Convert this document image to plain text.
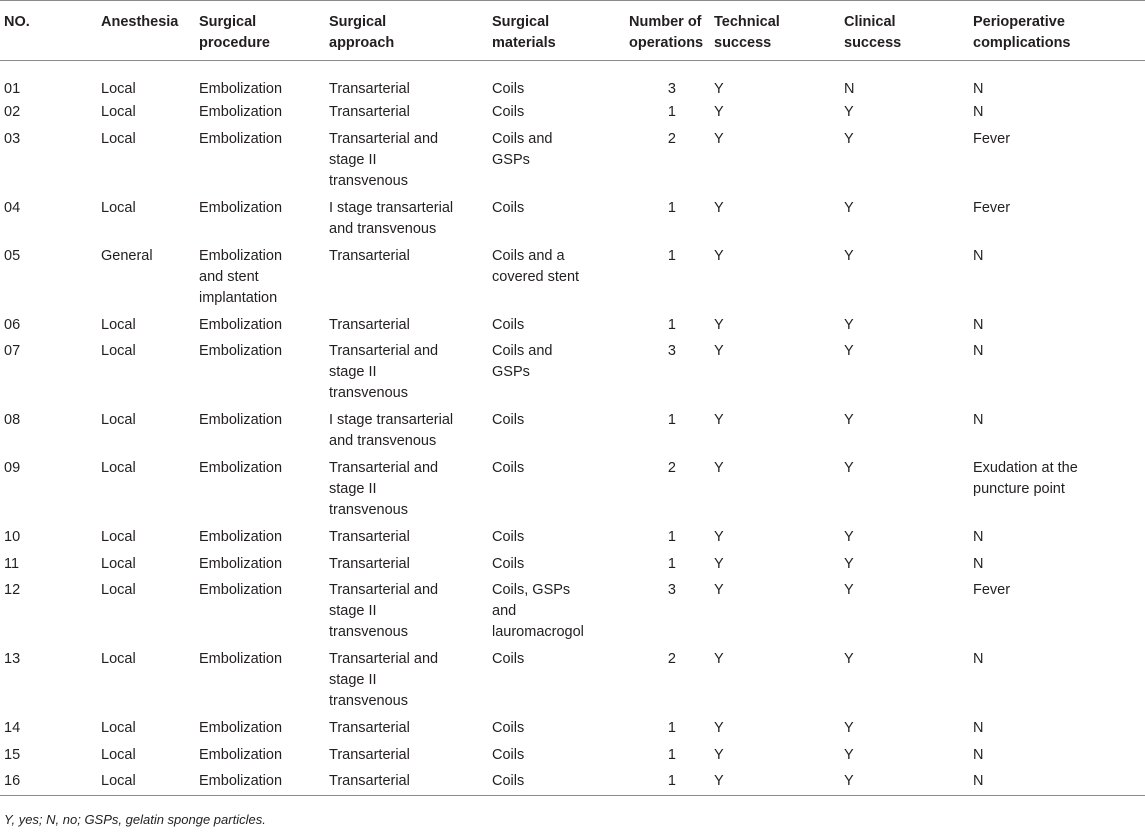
NO.	Anesthesia	Surgical procedure	Surgical approach	Surgical materials	Number of operations	Technical success	Clinical success	Perioperative complications

01	Local	Embolization	Transarterial	Coils	3	Y	N	N

02	Local	Embolization	Transarterial	Coils	1	Y	Y	N

03	Local	Embolization	Transarterial and stage II transvenous	Coils and GSPs	2	Y	Y	Fever

04	Local	Embolization	I stage transarterial and transvenous	Coils	1	Y	Y	Fever

05	General	Embolization and stent implantation	Transarterial	Coils and a covered stent	1	Y	Y	N

06	Local	Embolization	Transarterial	Coils	1	Y	Y	N

07	Local	Embolization	Transarterial and stage II transvenous	Coils and GSPs	3	Y	Y	N

08	Local	Embolization	I stage transarterial and transvenous	Coils	1	Y	Y	N

09	Local	Embolization	Transarterial and stage II transvenous	Coils	2	Y	Y	Exudation at the puncture point

10	Local	Embolization	Transarterial	Coils	1	Y	Y	N

11	Local	Embolization	Transarterial	Coils	1	Y	Y	N

12	Local	Embolization	Transarterial and stage II transvenous	Coils, GSPs and lauromacrogol	3	Y	Y	Fever

13	Local	Embolization	Transarterial and stage II transvenous	Coils	2	Y	Y	N

14	Local	Embolization	Transarterial	Coils	1	Y	Y	N

15	Local	Embolization	Transarterial	Coils	1	Y	Y	N

16	Local	Embolization	Transarterial	Coils	1	Y	Y	N
Y, yes; N, no; GSPs, gelatin sponge particles.
